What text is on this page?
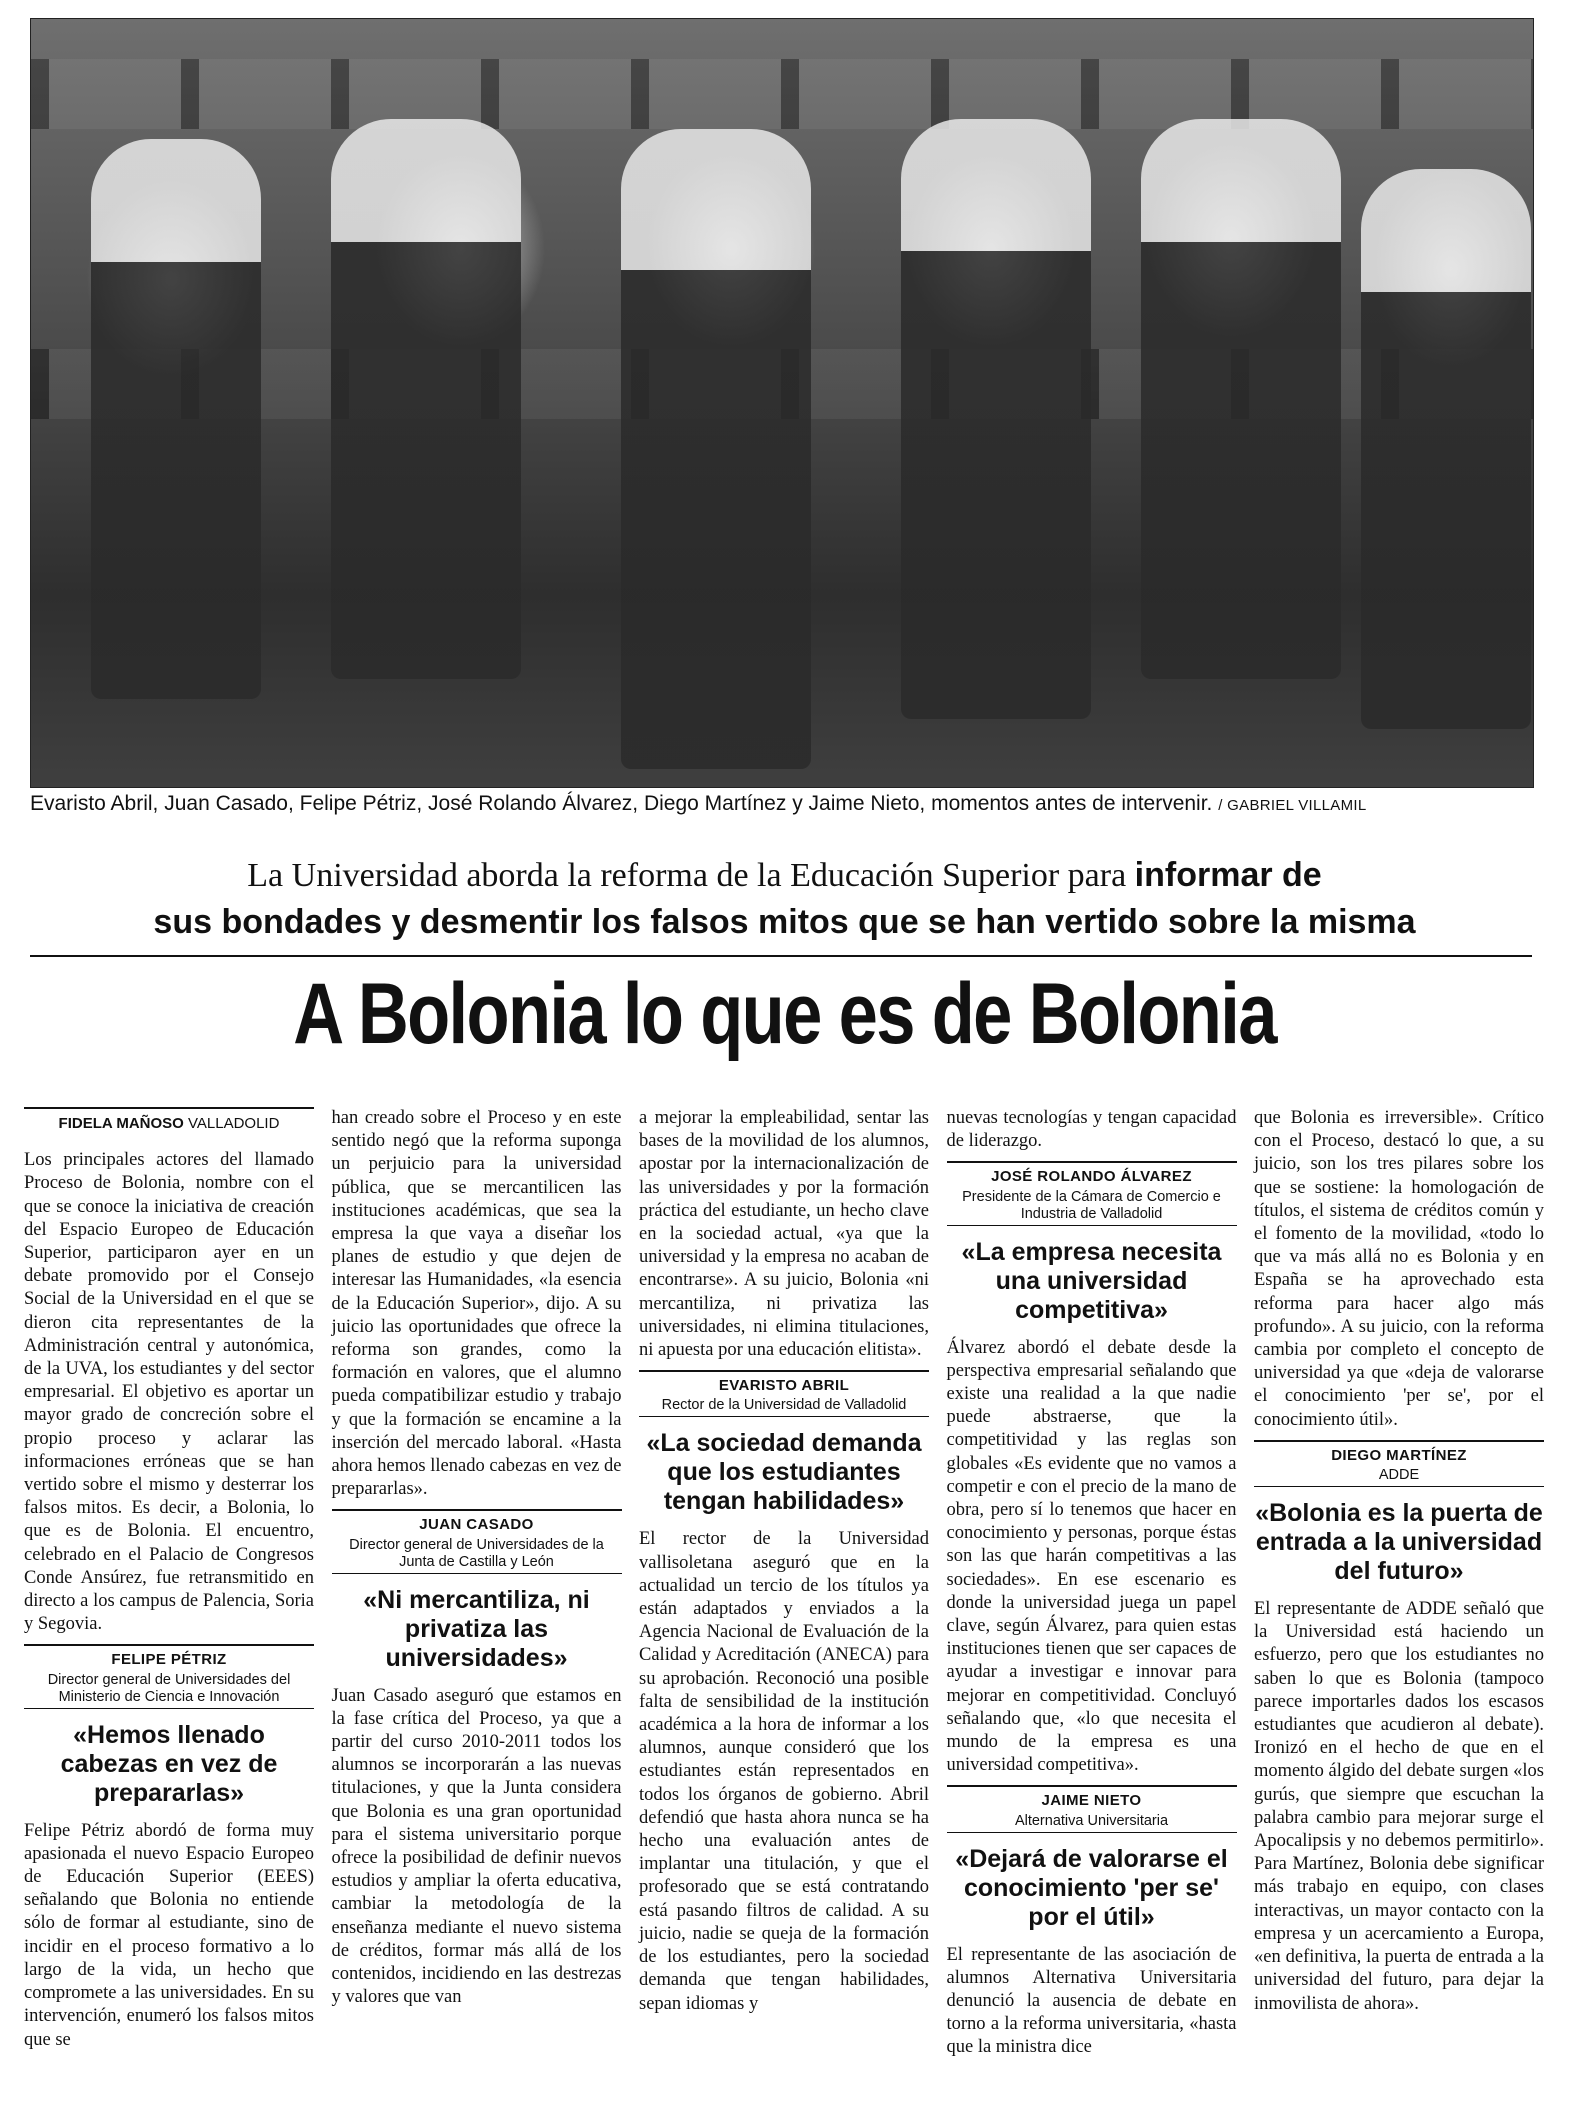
Evaristo Abril, Juan Casado, Felipe Pétriz, José Rolando Álvarez, Diego Martínez y Jaime Nieto, momentos antes de intervenir. / GABRIEL VILLAMIL
La Universidad aborda la reforma de la Educación Superior para informar de
sus bondades y desmentir los falsos mitos que se han vertido sobre la misma
A Bolonia lo que es de Bolonia
FIDELA MAÑOSO VALLADOLID

Los principales actores del llamado Proceso de Bolonia, nombre con el que se conoce la iniciativa de creación del Espacio Europeo de Educación Superior, participaron ayer en un debate promovido por el Consejo Social de la Universidad en el que se dieron cita representantes de la Administración central y autonómica, de la UVA, los estudiantes y del sector empresarial. El objetivo es aportar un mayor grado de concreción sobre el propio proceso y aclarar las informaciones erróneas que se han vertido sobre el mismo y desterrar los falsos mitos. Es decir, a Bolonia, lo que es de Bolonia. El encuentro, celebrado en el Palacio de Congresos Conde Ansúrez, fue retransmitido en directo a los campus de Palencia, Soria y Segovia.

FELIPE PÉTRIZ
Director general de Universidades del Ministerio de Ciencia e Innovación
«Hemos llenado cabezas en vez de prepararlas»

Felipe Pétriz abordó de forma muy apasionada el nuevo Espacio Europeo de Educación Superior (EEES) señalando que Bolonia no entiende sólo de formar al estudiante, sino de incidir en el proceso formativo a lo largo de la vida, un hecho que compromete a las universidades. En su intervención, enumeró los falsos mitos que se

han creado sobre el Proceso y en este sentido negó que la reforma suponga un perjuicio para la universidad pública, que se mercantilicen las instituciones académicas, que sea la empresa la que vaya a diseñar los planes de estudio y que dejen de interesar las Humanidades, «la esencia de la Educación Superior», dijo. A su juicio las oportunidades que ofrece la reforma son grandes, como la formación en valores, que el alumno pueda compatibilizar estudio y trabajo y que la formación se encamine a la inserción del mercado laboral. «Hasta ahora hemos llenado cabezas en vez de prepararlas».

JUAN CASADO
Director general de Universidades de la Junta de Castilla y León
«Ni mercantiliza, ni privatiza las universidades»

Juan Casado aseguró que estamos en la fase crítica del Proceso, ya que a partir del curso 2010-2011 todos los alumnos se incorporarán a las nuevas titulaciones, y que la Junta considera que Bolonia es una gran oportunidad para el sistema universitario porque ofrece la posibilidad de definir nuevos estudios y ampliar la oferta educativa, cambiar la metodología de la enseñanza mediante el nuevo sistema de créditos, formar más allá de los contenidos, incidiendo en las destrezas y valores que van

a mejorar la empleabilidad, sentar las bases de la movilidad de los alumnos, apostar por la internacionalización de las universidades y por la formación práctica del estudiante, un hecho clave en la sociedad actual, «ya que la universidad y la empresa no acaban de encontrarse». A su juicio, Bolonia «ni mercantiliza, ni privatiza las universidades, ni elimina titulaciones, ni apuesta por una educación elitista».

EVARISTO ABRIL
Rector de la Universidad de Valladolid
«La sociedad demanda que los estudiantes tengan habilidades»

El rector de la Universidad vallisoletana aseguró que en la actualidad un tercio de los títulos ya están adaptados y enviados a la Agencia Nacional de Evaluación de la Calidad y Acreditación (ANECA) para su aprobación. Reconoció una posible falta de sensibilidad de la institución académica a la hora de informar a los alumnos, aunque consideró que los estudiantes están representados en todos los órganos de gobierno. Abril defendió que hasta ahora nunca se ha hecho una evaluación antes de implantar una titulación, y que el profesorado que se está contratando está pasando filtros de calidad. A su juicio, nadie se queja de la formación de los estudiantes, pero la sociedad demanda que tengan habilidades, sepan idiomas y

nuevas tecnologías y tengan capacidad de liderazgo.

JOSÉ ROLANDO ÁLVAREZ
Presidente de la Cámara de Comercio e Industria de Valladolid
«La empresa necesita una universidad competitiva»

Álvarez abordó el debate desde la perspectiva empresarial señalando que existe una realidad a la que nadie puede abstraerse, que la competitividad y las reglas son globales «Es evidente que no vamos a competir e con el precio de la mano de obra, pero sí lo tenemos que hacer en conocimiento y personas, porque éstas son las que harán competitivas a las sociedades». En ese escenario es donde la universidad juega un papel clave, según Álvarez, para quien estas instituciones tienen que ser capaces de ayudar a investigar e innovar para mejorar en competitividad. Concluyó señalando que, «lo que necesita el mundo de la empresa es una universidad competitiva».

JAIME NIETO
Alternativa Universitaria
«Dejará de valorarse el conocimiento 'per se' por el útil»

El representante de las asociación de alumnos Alternativa Universitaria denunció la ausencia de debate en torno a la reforma universitaria, «hasta que la ministra dice

que Bolonia es irreversible». Crítico con el Proceso, destacó lo que, a su juicio, son los tres pilares sobre los que se sostiene: la homologación de títulos, el sistema de créditos común y el fomento de la movilidad, «todo lo que va más allá no es Bolonia y en España se ha aprovechado esta reforma para hacer algo más profundo». A su juicio, con la reforma cambia por completo el concepto de universidad ya que «deja de valorarse el conocimiento 'per se', por el conocimiento útil».

DIEGO MARTÍNEZ
ADDE
«Bolonia es la puerta de entrada a la universidad del futuro»

El representante de ADDE señaló que la Universidad está haciendo un esfuerzo, pero que los estudiantes no saben lo que es Bolonia (tampoco parece importarles dados los escasos estudiantes que acudieron al debate). Ironizó en el hecho de que en el momento álgido del debate surgen «los gurús, que siempre que escuchan la palabra cambio para mejorar surge el Apocalipsis y no debemos permitirlo». Para Martínez, Bolonia debe significar más trabajo en equipo, con clases interactivas, un mayor contacto con la empresa y un acercamiento a Europa, «en definitiva, la puerta de entrada a la universidad del futuro, para dejar la inmovilista de ahora».
